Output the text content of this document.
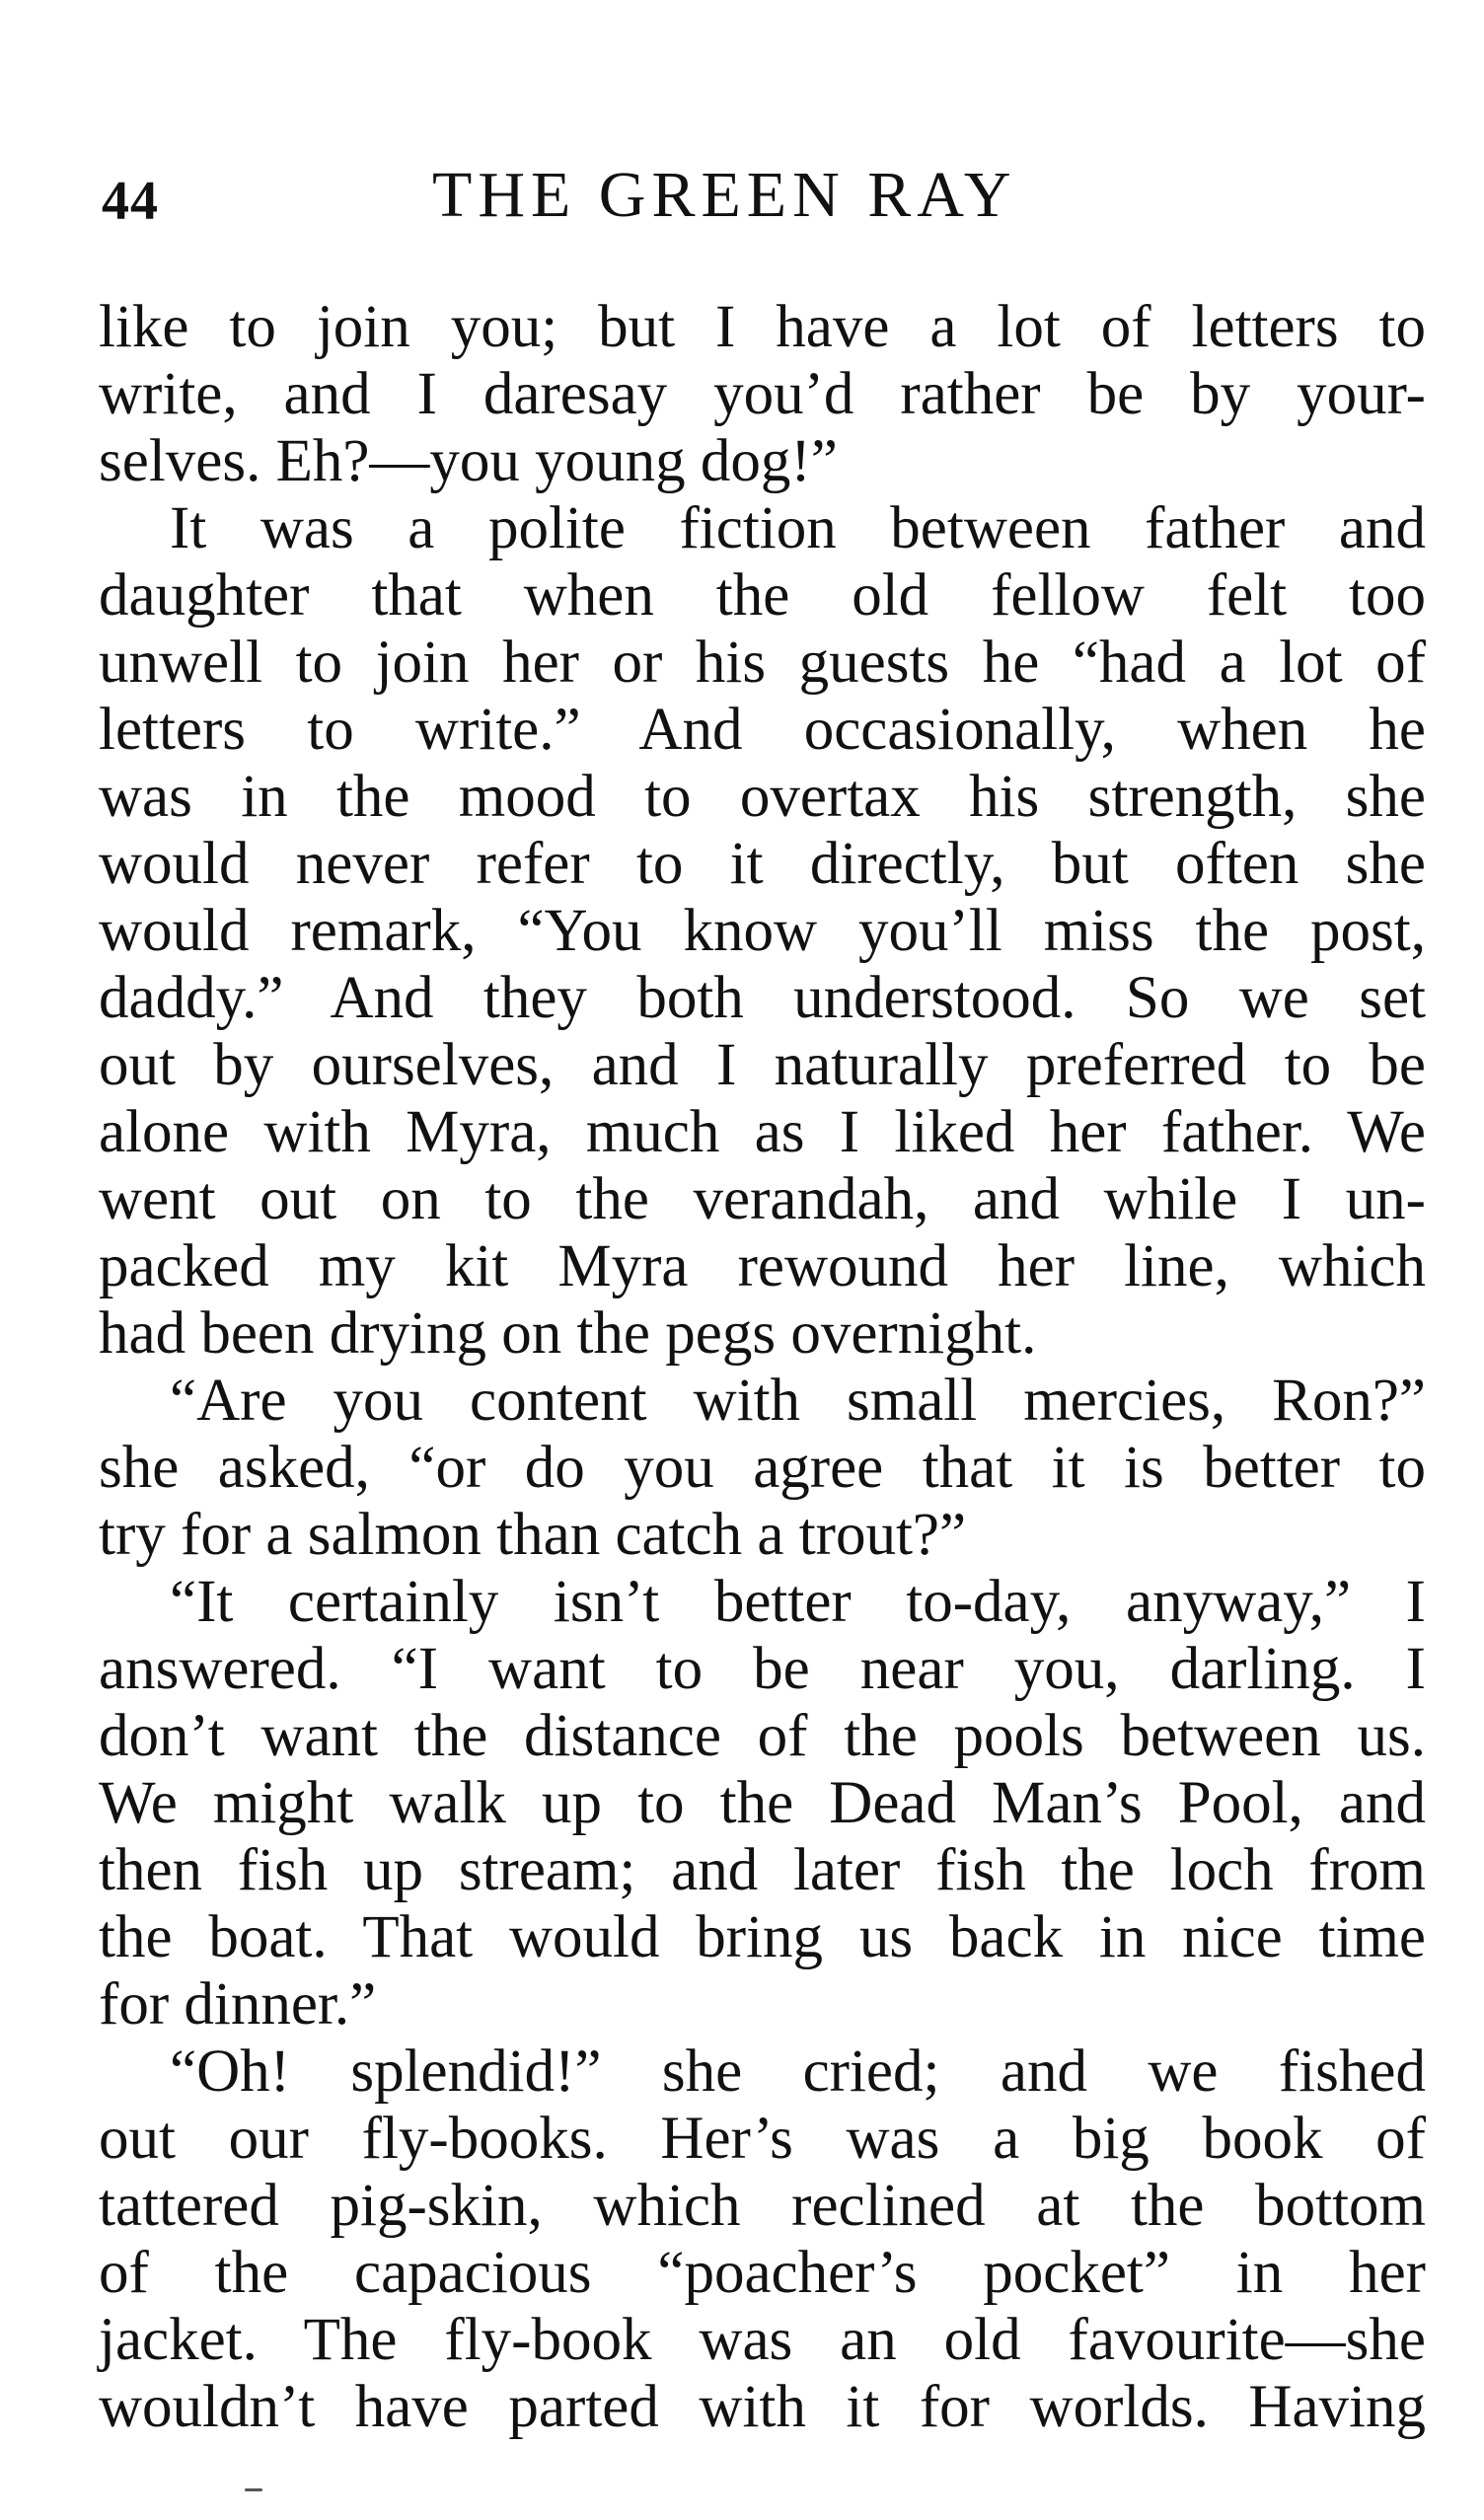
44	THE GREEN RAY
like to join you; but I have a lot of letters to
write, and I daresay you’d rather be by your-
selves. Eh?—you young dog!”
It was a polite fiction between father and
daughter that when the old fellow felt too
unwell to join her or his guests he “had a lot of
letters to write.” And occasionally, when he
was in the mood to overtax his strength, she
would never refer to it directly, but often she
would remark, “You know you’ll miss the post,
daddy.” And they both understood. So we set
out by ourselves, and I naturally preferred to be
alone with Myra, much as I liked her father. We
went out on to the verandah, and while I un-
packed my kit Myra rewound her line, which
had been drying on the pegs overnight.
“Are you content with small mercies, Ron?”
she asked, “or do you agree that it is better to
try for a salmon than catch a trout?”
“It certainly isn’t better to-day, anyway,” I
answered. “I want to be near you, darling. I
don’t want the distance of the pools between us.
We might walk up to the Dead Man’s Pool, and
then fish up stream; and later fish the loch from
the boat. That would bring us back in nice time
for dinner.”
“Oh! splendid!” she cried; and we fished
out our fly-books. Her’s was a big book of
tattered pig-skin, which reclined at the bottom
of the capacious “poacher’s pocket” in her
jacket. The fly-book was an old favourite—she
wouldn’t have parted with it for worlds. Having
